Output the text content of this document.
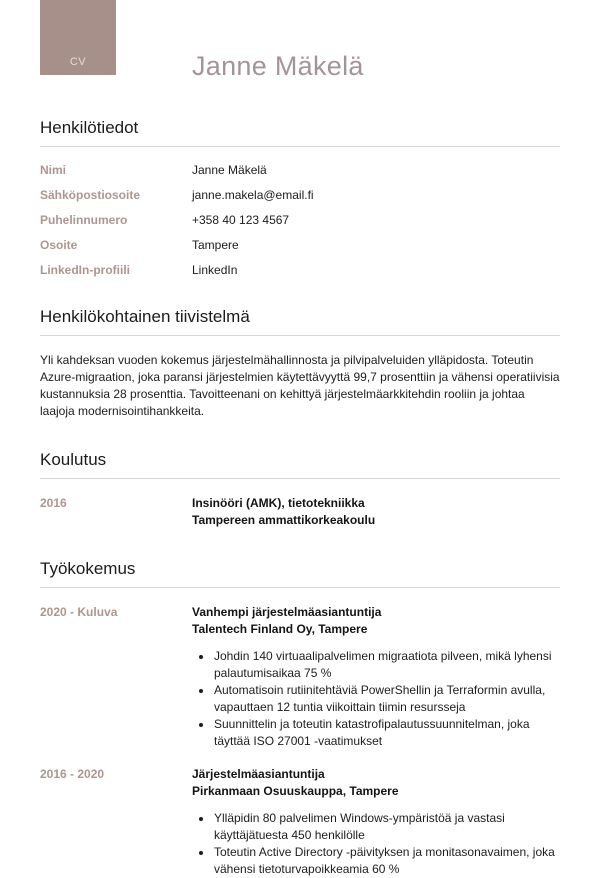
CV	Janne Mäkelä
Henkilötiedot
Nimi	Janne Mäkelä
Sähköpostiosoite	janne.makela@email.fi
Puhelinnumero	+358 40 123 4567
Osoite	Tampere
LinkedIn-profiili	LinkedIn
Henkilökohtainen tiivistelmä

Yli kahdeksan vuoden kokemus järjestelmähallinnosta ja pilvipalveluiden ylläpidosta. Toteutin Azure-migraation, joka paransi järjestelmien käytettävyyttä 99,7 prosenttiin ja vähensi operatiivisia kustannuksia 28 prosenttia. Tavoitteenani on kehittyä järjestelmäarkkitehdin rooliin ja johtaa laajoja modernisointihankkeita.

Koulutus
2016	Insinööri (AMK), tietotekniikka
Tampereen ammattikorkeakoulu
Työkokemus
2020 - Kuluva	Vanhempi järjestelmäasiantuntija
Talentech Finland Oy, Tampere
• Johdin 140 virtuaalipalvelimen migraatiota pilveen, mikä lyhensi palautumisaikaa 75 %
• Automatisoin rutiinitehtäviä PowerShellin ja Terraformin avulla, vapauttaen 12 tuntia viikoittain tiimin resursseja
• Suunnittelin ja toteutin katastrofipalautussuunnitelman, joka täyttää ISO 27001 -vaatimukset
2016 - 2020	Järjestelmäasiantuntija
Pirkanmaan Osuuskauppa, Tampere
• Ylläpidin 80 palvelimen Windows-ympäristöä ja vastasi käyttäjätuesta 450 henkilölle
• Toteutin Active Directory -päivityksen ja monitasonavaimen, joka vähensi tietoturvapoikkeamia 60 %
